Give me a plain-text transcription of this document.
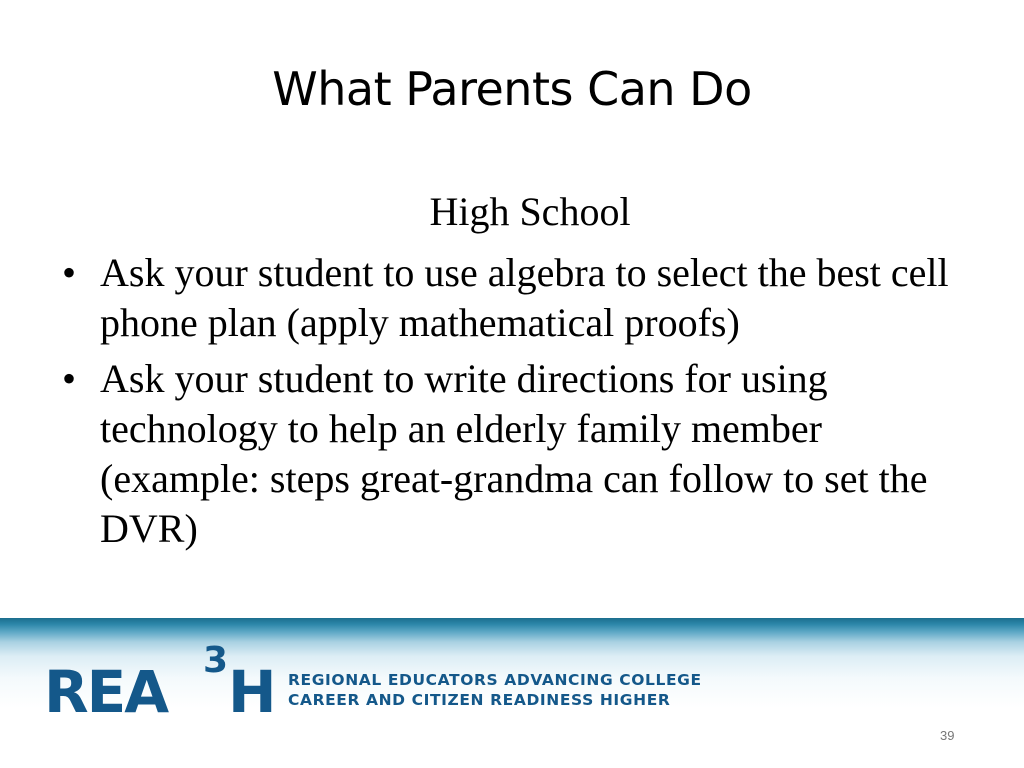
What Parents Can Do
High School
• Ask your student to use algebra to select the best cell phone plan (apply mathematical proofs)
• Ask your student to write directions for using technology to help an elderly family member (example: steps great-grandma can follow to set the DVR)
REA 3 H REGIONAL EDUCATORS ADVANCING COLLEGE
CAREER AND CITIZEN READINESS HIGHER
39
